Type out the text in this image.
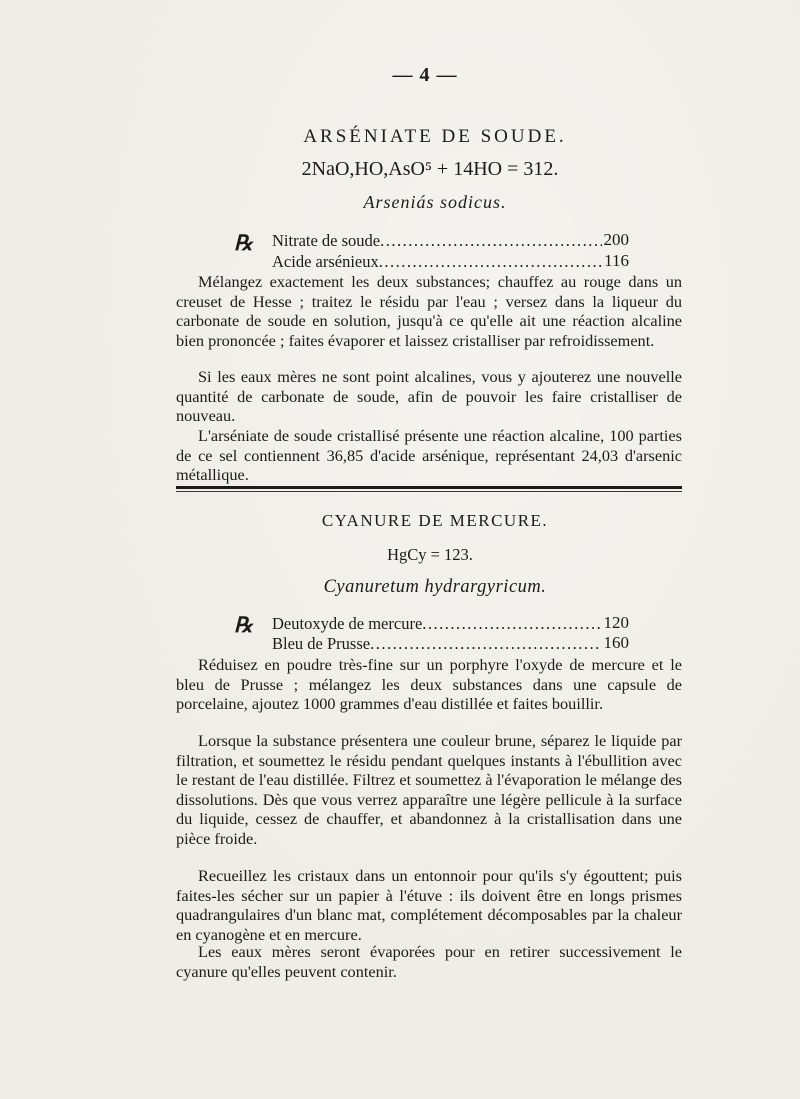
— 4 —
ARSÉNIATE DE SOUDE.
2NaO,HO,AsO⁵ + 14HO = 312.
Arseniás sodicus.
℞ Nitrate de soude .....	200
Acide arsénieux .....	116
Mélangez exactement les deux substances; chauffez au rouge dans un creuset de Hesse ; traitez le résidu par l'eau ; versez dans la liqueur du carbonate de soude en solution, jusqu'à ce qu'elle ait une réaction alcaline bien prononcée ; faites évaporer et laissez cristalliser par refroidissement.
Si les eaux mères ne sont point alcalines, vous y ajouterez une nouvelle quantité de carbonate de soude, afin de pouvoir les faire cristalliser de nouveau.
L'arséniate de soude cristallisé présente une réaction alcaline, 100 parties de ce sel contiennent 36,85 d'acide arsénique, représentant 24,03 d'arsenic métallique.
CYANURE DE MERCURE.
HgCy = 123.
Cyanuretum hydrargyricum.
℞ Deutoxyde de mercure .....	120
Bleu de Prusse .....	160
Réduisez en poudre très-fine sur un porphyre l'oxyde de mercure et le bleu de Prusse ; mélangez les deux substances dans une capsule de porcelaine, ajoutez 1000 grammes d'eau distillée et faites bouillir.
Lorsque la substance présentera une couleur brune, séparez le liquide par filtration, et soumettez le résidu pendant quelques instants à l'ébullition avec le restant de l'eau distillée. Filtrez et soumettez à l'évaporation le mélange des dissolutions. Dès que vous verrez apparaître une légère pellicule à la surface du liquide, cessez de chauffer, et abandonnez à la cristallisation dans une pièce froide.
Recueillez les cristaux dans un entonnoir pour qu'ils s'y égouttent; puis faites-les sécher sur un papier à l'étuve : ils doivent être en longs prismes quadrangulaires d'un blanc mat, complétement décomposables par la chaleur en cyanogène et en mercure.
Les eaux mères seront évaporées pour en retirer successivement le cyanure qu'elles peuvent contenir.
